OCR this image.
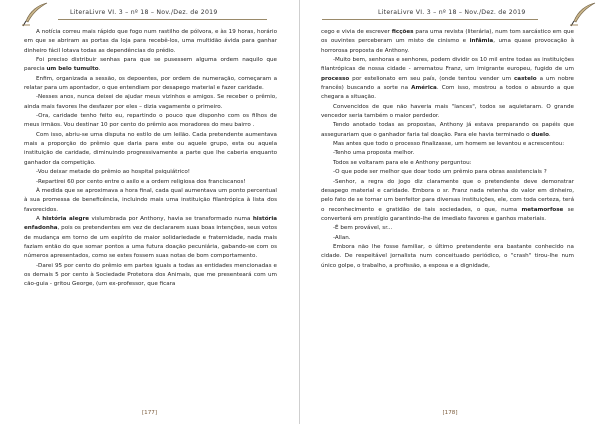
LiteraLivre VI. 3 – nº 18 – Nov./Dez. de 2019

A notícia correu mais rápido que fogo num rastilho de pólvora, e às 19 horas, horário em que se abriram as portas da loja para recebê-los, uma multidão ávida para ganhar dinheiro fácil lotava todas as dependências do prédio.

Foi preciso distribuir senhas para que se pusessem alguma ordem naquilo que parecia um belo tumulto.

Enfim, organizada a sessão, os depoentes, por ordem de numeração, começaram a relatar para um apontador, o que entendiam por desapego material e fazer caridade.

-Nesses anos, nunca deixei de ajudar meus vizinhos e amigos. Se receber o prêmio, ainda mais favores lhe desfazer por eles – dizia vagamente o primeiro.

-Ora, caridade tenho feito eu, repartindo o pouco que disponho com os filhos de meus irmãos. Vou destinar 10 por cento do prêmio aos moradores do meu bairro .

Com isso, abriu-se uma disputa no estilo de um leilão. Cada pretendente aumentava mais a proporção do prêmio que daria para este ou aquele grupo, esta ou aquela instituição de caridade, diminuindo progressivamente a parte que lhe caberia enquanto ganhador da competição.

-Vou deixar metade do prêmio ao hospital psiquiátrico!

-Repartirei 60 por cento entre o asilo e a ordem religiosa dos franciscanos!

À medida que se aproximava a hora final, cada qual aumentava um ponto percentual à sua promessa de beneficência, incluindo mais uma instituição filantrópica à lista dos favorecidos.

A história alegre vislumbrada por Anthony, havia se transformado numa história enfadonha, pois os pretendentes em vez de declararem suas boas intenções, seus votos de mudança em torno de um espírito de maior solidariedade e fraternidade, nada mais faziam então do que somar pontos a uma futura doação pecuniária, gabando-se com os números apresentados, como se estes fossem suas notas de bom comportamento.

-Darei 95 por cento do prêmio em partes iguais a todas as entidades mencionadas e os demais 5 por cento à Sociedade Protetora dos Animais, que me presenteará com um cão-guia - gritou George, (um ex-professor, que ficara

[177]
LiteraLivre VI. 3 – nº 18 – Nov./Dez. de 2019

cego e vivia de escrever ficções para uma revista (literária), num tom sarcástico em que os ouvintes perceberam um misto de cinismo e infâmia, uma quase provocação à horrorosa proposta de Anthony.

-Muito bem, senhoras e senhores, podem dividir os 10 mil entre todas as instituições filantrópicas de nossa cidade - arrematou Franz, um imigrante europeu, fugido de um processo por estelionato em seu país, (onde tentou vender um castelo a um nobre francês) buscando a sorte na América. Com isso, mostrou a todos o absurdo a que chegara a situação.

Convencidos de que não haveria mais "lances", todos se aquietaram. O grande vencedor seria também o maior perdedor.

Tendo anotado todas as propostas, Anthony já estava preparando os papéis que assegurariam que o ganhador faria tal doação. Para ele havia terminado o duelo.

Mas antes que todo o processo finalizasse, um homem se levantou e acrescentou:

-Tenho uma proposta melhor.

Todos se voltaram para ele e Anthony perguntou:

-O que pode ser melhor que doar todo um prêmio para obras assistenciais ?

-Senhor, a regra do jogo diz claramente que o pretendente deve demonstrar desapego material e caridade. Embora o sr. Franz nada retenha do valor em dinheiro, pelo fato de se tornar um benfeitor para diversas instituições, ele, com toda certeza, terá o reconhecimento e gratidão de tais sociedades, o que, numa metamorfose se converterá em prestígio garantindo-lhe de imediato favores e ganhos materiais.

-É bem provável, sr...

-Allan.

Embora não lhe fosse familiar, o último pretendente era bastante conhecido na cidade. De respeitável jornalista num conceituado periódico, o "crash" tirou-lhe num único golpe, o trabalho, a profissão, a esposa e a dignidade,

[178]
